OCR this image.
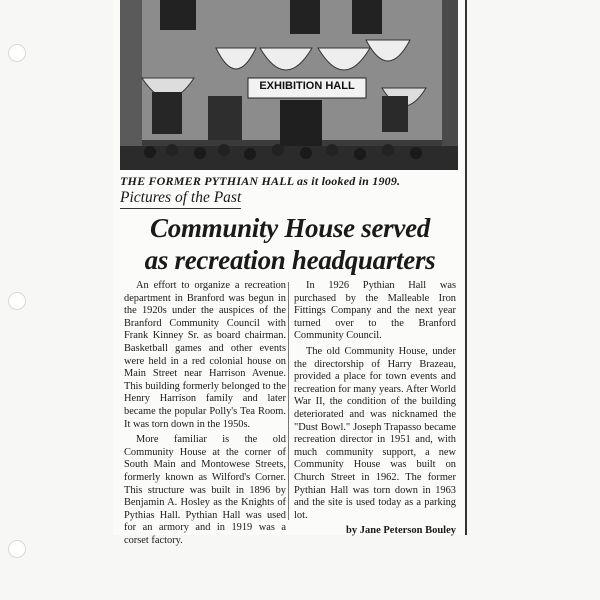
EXHIBITION HALL
THE FORMER PYTHIAN HALL as it looked in 1909.
Pictures of the Past
Community House served
as recreation headquarters

An effort to organize a recreation department in Branford was begun in the 1920s under the auspices of the Branford Community Council with Frank Kinney Sr. as board chairman. Basketball games and other events were held in a red colonial house on Main Street near Harrison Avenue. This building formerly belonged to the Henry Harrison family and later became the popular Polly's Tea Room. It was torn down in the 1950s.

More familiar is the old Community House at the corner of South Main and Montowese Streets, formerly known as Wilford's Corner. This structure was built in 1896 by Benjamin A. Hosley as the Knights of Pythias Hall. Pythian Hall was used for an armory and in 1919 was a corset factory.

In 1926 Pythian Hall was purchased by the Malleable Iron Fittings Company and the next year turned over to the Branford Community Council.

The old Community House, under the directorship of Harry Brazeau, provided a place for town events and recreation for many years. After World War II, the condition of the building deteriorated and was nicknamed the "Dust Bowl." Joseph Trapasso became recreation director in 1951 and, with much community support, a new Community House was built on Church Street in 1962. The former Pythian Hall was torn down in 1963 and the site is used today as a parking lot.

by Jane Peterson Bouley
